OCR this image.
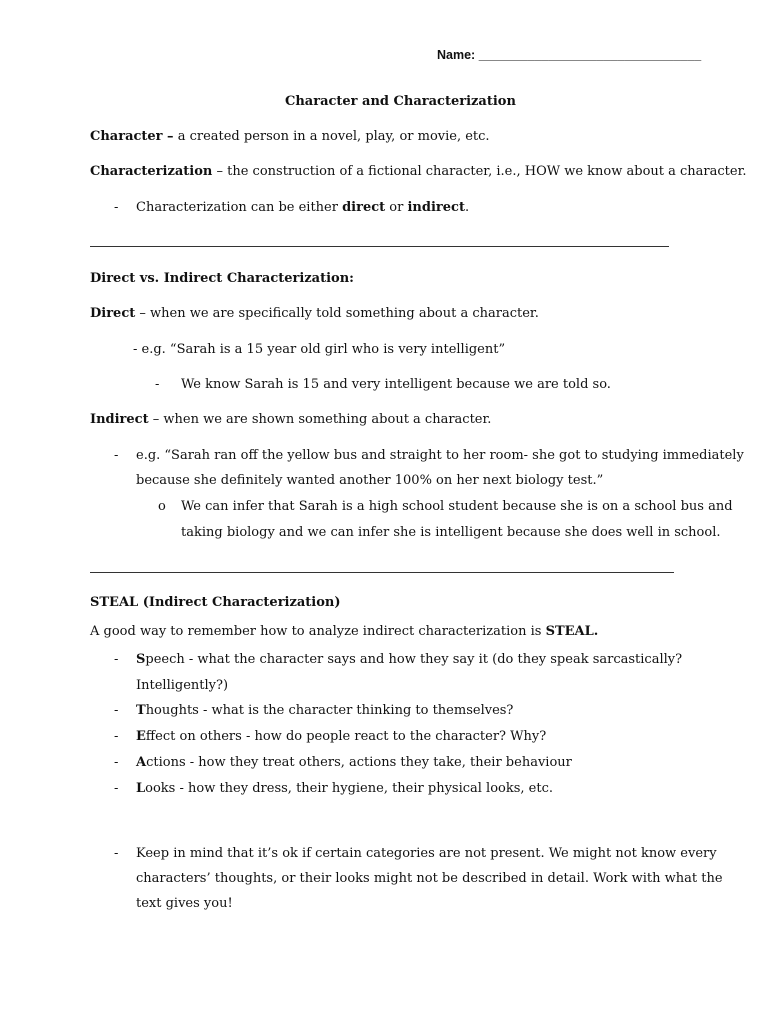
Name: ________________________________
Character and Characterization
Character – a created person in a novel, play, or movie, etc.
Characterization – the construction of a fictional character, i.e., HOW we know about a character.
- Characterization can be either direct or indirect.
Direct vs. Indirect Characterization:
Direct – when we are specifically told something about a character.
- e.g. “Sarah is a 15 year old girl who is very intelligent”
- We know Sarah is 15 and very intelligent because we are told so.
Indirect – when we are shown something about a character.
- e.g. “Sarah ran off the yellow bus and straight to her room- she got to studying immediately
because she definitely wanted another 100% on her next biology test.”
o We can infer that Sarah is a high school student because she is on a school bus and
taking biology and we can infer she is intelligent because she does well in school.
STEAL (Indirect Characterization)
A good way to remember how to analyze indirect characterization is STEAL.
- Speech - what the character says and how they say it (do they speak sarcastically?
Intelligently?)
- Thoughts - what is the character thinking to themselves?
- Effect on others - how do people react to the character? Why?
- Actions - how they treat others, actions they take, their behaviour
- Looks - how they dress, their hygiene, their physical looks, etc.
- Keep in mind that it’s ok if certain categories are not present. We might not know every
characters’ thoughts, or their looks might not be described in detail. Work with what the
text gives you!
